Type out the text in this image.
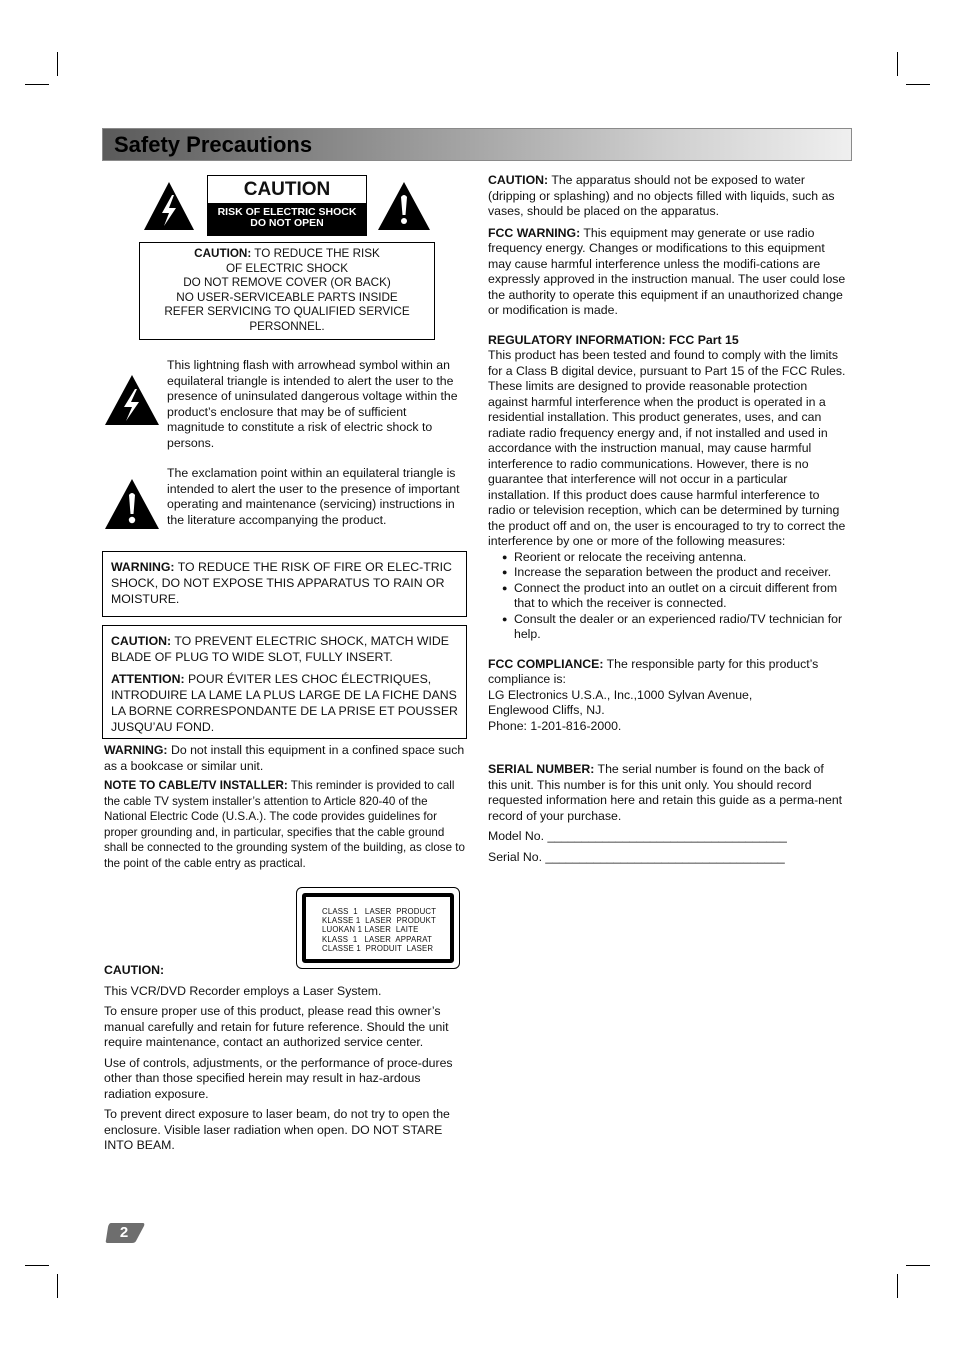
Safety Precautions
CAUTION
RISK OF ELECTRIC SHOCK
DO NOT OPEN
CAUTION: TO REDUCE THE RISK
OF ELECTRIC SHOCK
DO NOT REMOVE COVER (OR BACK)
NO USER-SERVICEABLE PARTS INSIDE
REFER SERVICING TO QUALIFIED SERVICE
PERSONNEL.
This lightning flash with arrowhead symbol within an equilateral triangle is intended to alert the user to the presence of uninsulated dangerous voltage within the product’s enclosure that may be of sufficient magnitude to constitute a risk of electric shock to persons.
The exclamation point within an equilateral triangle is intended to alert the user to the presence of important operating and maintenance (servicing) instructions in the literature accompanying the product.
WARNING: TO REDUCE THE RISK OF FIRE OR ELEC-TRIC SHOCK, DO NOT EXPOSE THIS APPARATUS TO RAIN OR MOISTURE.

CAUTION: TO PREVENT ELECTRIC SHOCK, MATCH WIDE BLADE OF PLUG TO WIDE SLOT, FULLY INSERT.

ATTENTION: POUR ÉVITER LES CHOC ÉLECTRIQUES, INTRODUIRE LA LAME LA PLUS LARGE DE LA FICHE DANS LA BORNE CORRESPONDANTE DE LA PRISE ET POUSSER JUSQU’AU FOND.

WARNING: Do not install this equipment in a confined space such as a bookcase or similar unit.
NOTE TO CABLE/TV INSTALLER: This reminder is provided to call the cable TV system installer’s attention to Article 820-40 of the National Electric Code (U.S.A.). The code provides guidelines for proper grounding and, in particular, specifies that the cable ground shall be connected to the grounding system of the building, as close to the point of the cable entry as practical.
CLASS  1   LASER  PRODUCT
KLASSE 1  LASER  PRODUKT
LUOKAN 1 LASER  LAITE
KLASS  1   LASER  APPARAT
CLASSE 1  PRODUIT  LASER
CAUTION:
This VCR/DVD Recorder employs a Laser System.
To ensure proper use of this product, please read this owner’s manual carefully and retain for future reference. Should the unit require maintenance, contact an authorized service center.
Use of controls, adjustments, or the performance of proce-dures other than those specified herein may result in haz-ardous radiation exposure.
To prevent direct exposure to laser beam, do not try to open the enclosure. Visible laser radiation when open. DO NOT STARE INTO BEAM.

CAUTION: The apparatus should not be exposed to water (dripping or splashing) and no objects filled with liquids, such as vases, should be placed on the apparatus.

FCC WARNING: This equipment may generate or use radio frequency energy. Changes or modifications to this equipment may cause harmful interference unless the modifi-cations are expressly approved in the instruction manual. The user could lose the authority to operate this equipment if an unauthorized change or modification is made.

REGULATORY INFORMATION: FCC Part 15
This product has been tested and found to comply with the limits for a Class B digital device, pursuant to Part 15 of the FCC Rules. These limits are designed to provide reasonable protection against harmful interference when the product is operated in a residential installation. This product generates, uses, and can radiate radio frequency energy and, if not installed and used in accordance with the instruction manual, may cause harmful interference to radio communications. However, there is no guarantee that interference will not occur in a particular installation. If this product does cause harmful interference to radio or television reception, which can be determined by turning the product off and on, the user is encouraged to try to correct the interference by one or more of the following measures:
● Reorient or relocate the receiving antenna.
● Increase the separation between the product and receiver.
● Connect the product into an outlet on a circuit different from that to which the receiver is connected.
● Consult the dealer or an experienced radio/TV technician for help.
FCC COMPLIANCE: The responsible party for this product’s compliance is:
LG Electronics U.S.A., Inc.,1000 Sylvan Avenue,
Englewood Cliffs, NJ.
Phone: 1-201-816-2000.

SERIAL NUMBER: The serial number is found on the back of this unit. This number is for this unit only. You should record requested information here and retain this guide as a perma-nent record of your purchase.

Model No. ___________________________________
Serial No. ___________________________________
2
